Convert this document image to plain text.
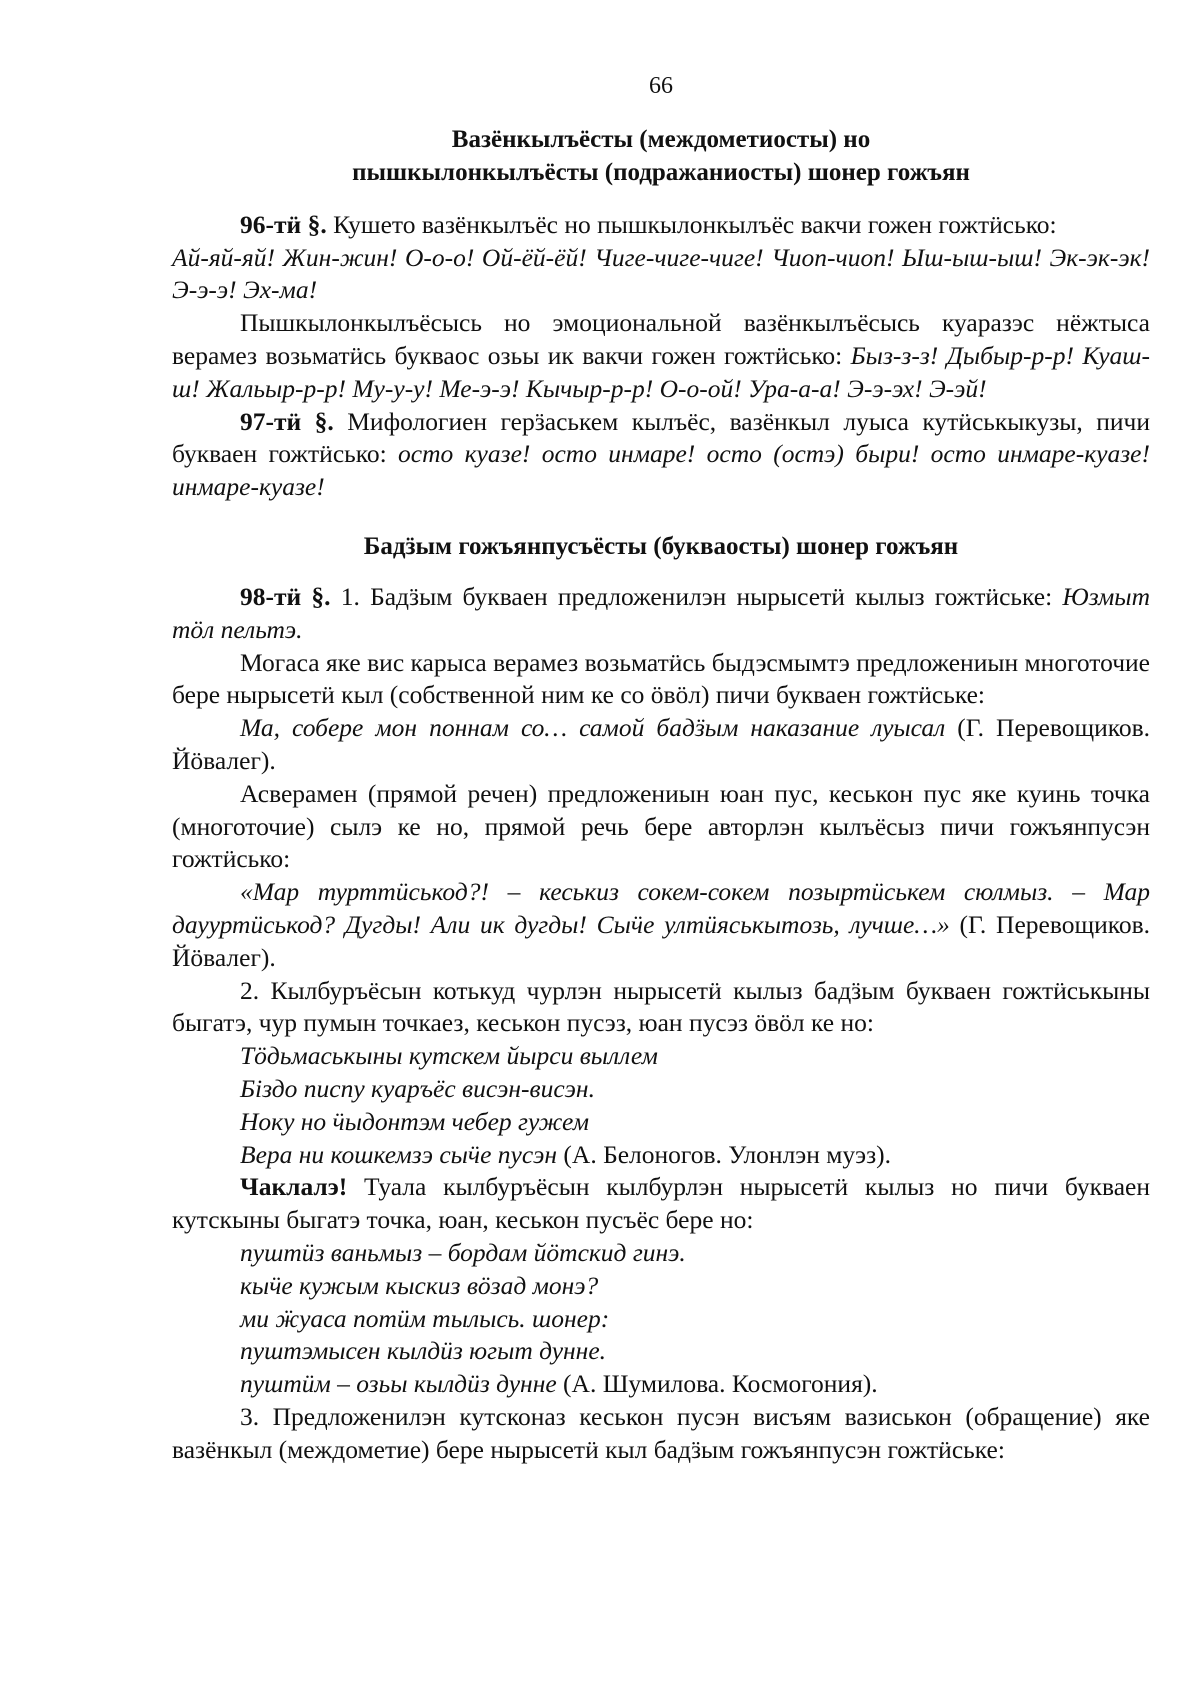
66
Вазёнкылъёсты (междометиосты) но
пышкылонкылъёсты (подражаниосты) шонер гожъян

96-тӥ §. Кушето вазёнкылъёс но пышкылонкылъёс вакчи гожен гожтӥсько:
Ай-яй-яй! Жин-жин! О-о-о! Ой-ёй-ёй! Чиге-чиге-чиге! Чиоп-чиоп! Ыш-ыш-ыш! Эк-эк-эк! Э-э-э! Эх-ма!

Пышкылонкылъёсысь но эмоциональной вазёнкылъёсысь куаразэс нёжтыса верамез возьматӥсь букваос озьы ик вакчи гожен гожтӥсько: Быз-з-з! Дыбыр-р-р! Куаш-ш! Жальыр-р-р! Му-у-у! Ме-э-э! Кычыр-р-р! О-о-ой! Ура-а-а! Э-э-эх! Э-эй!

97-тӥ §. Мифологиен герӟаськем кылъёс, вазёнкыл луыса кутӥськыкузы, пичи букваен гожтӥсько: осто куазе! осто инмаре! осто (остэ) быри! осто инмаре-куазе! инмаре-куазе!

Бадӟым гожъянпусъёсты (букваосты) шонер гожъян

98-тӥ §. 1. Бадӟым букваен предложенилэн нырысетӥ кылыз гожтӥське: Юзмыт тӧл пельтэ.

Могаса яке вис карыса верамез возьматӥсь быдэсмымтэ предложениын многоточие бере нырысетӥ кыл (собственной ним ке со ӧвӧл) пичи букваен гожтӥське:

Ма, собере мон поннам со… самой бадӟым наказание луысал (Г. Перевощиков. Йӧвалег).

Асверамен (прямой речен) предложениын юан пус, кеськон пус яке куинь точка (многоточие) сылэ ке но, прямой речь бере авторлэн кылъёсыз пичи гожъянпусэн гожтӥсько:

«Мар турттӥськод?! – кеськиз сокем-сокем позыртӥськем сюлмыз. – Мар даууртӥськод? Дугды! Али ик дугды! Сыӵе ултӥяськытозь, лучше…» (Г. Перевощиков. Йӧвалег).

2. Кылбуръёсын котькуд чурлэн нырысетӥ кылыз бадӟым букваен гожтӥськыны быгатэ, чур пумын точкаез, кеськон пусэз, юан пусэз ӧвӧл ке но:

Тӧдьмаськыны кутскем йырси выллем
Біздо писпу куаръёс висэн-висэн.
Ноку но ӵыдонтэм чебер гужем
Вера ни кошкемзэ сыӵе пусэн (А. Белоногов. Улонлэн муэз).

Чаклалэ! Туала кылбуръёсын кылбурлэн нырысетӥ кылыз но пичи букваен кутскыны быгатэ точка, юан, кеськон пусъёс бере но:

пуштӥз ваньмыз – бордам йӧтскид гинэ.
кыӵе кужым кыскиз вӧзад монэ?
ми ӝуаса потӥм тылысь. шонер:
пуштэмысен кылдӥз югыт дунне.
пуштӥм – озьы кылдӥз дунне (А. Шумилова. Космогония).

3. Предложенилэн кутсконаз кеськон пусэн висъям вазиськон (обращение) яке вазёнкыл (междометие) бере нырысетӥ кыл бадӟым гожъянпусэн гожтӥське:
